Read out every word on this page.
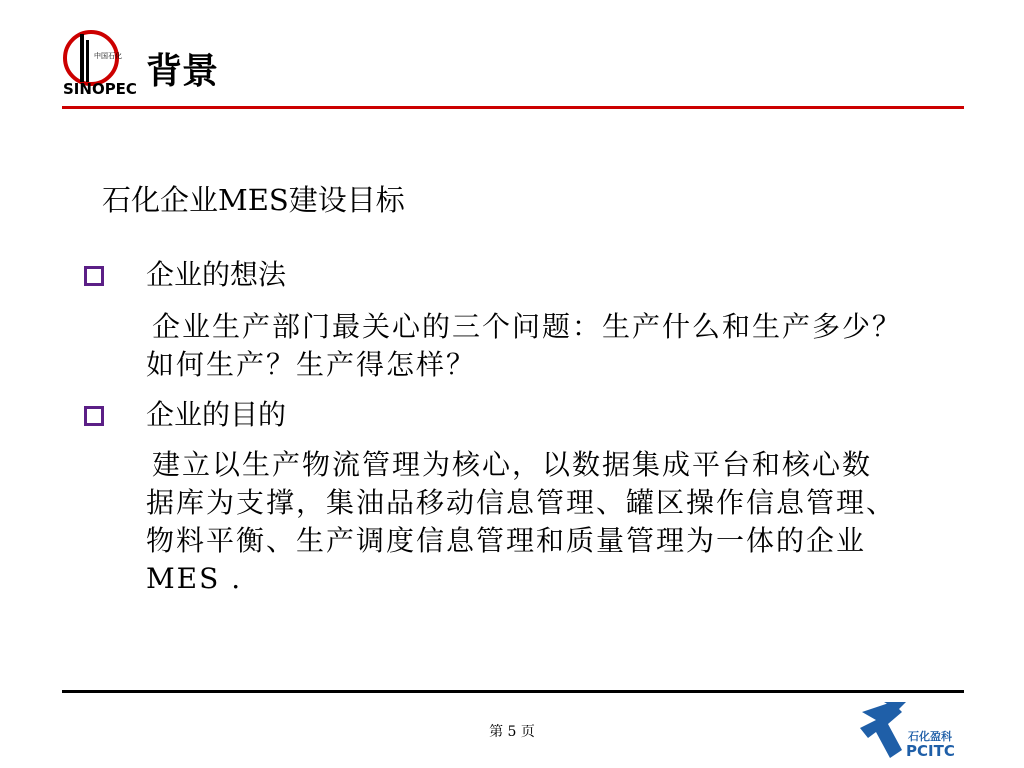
中国石化
SINOPEC 背景
石化企业MES建设目标

企业的想法

企业生产部门最关心的三个问题：生产什么和生产多少？
如何生产？生产得怎样？

企业的目的

建立以生产物流管理为核心，以数据集成平台和核心数
据库为支撑，集油品移动信息管理、罐区操作信息管理、
物料平衡、生产调度信息管理和质量管理为一体的企业
MES .

第 5 页	石化盈科
PCITC
